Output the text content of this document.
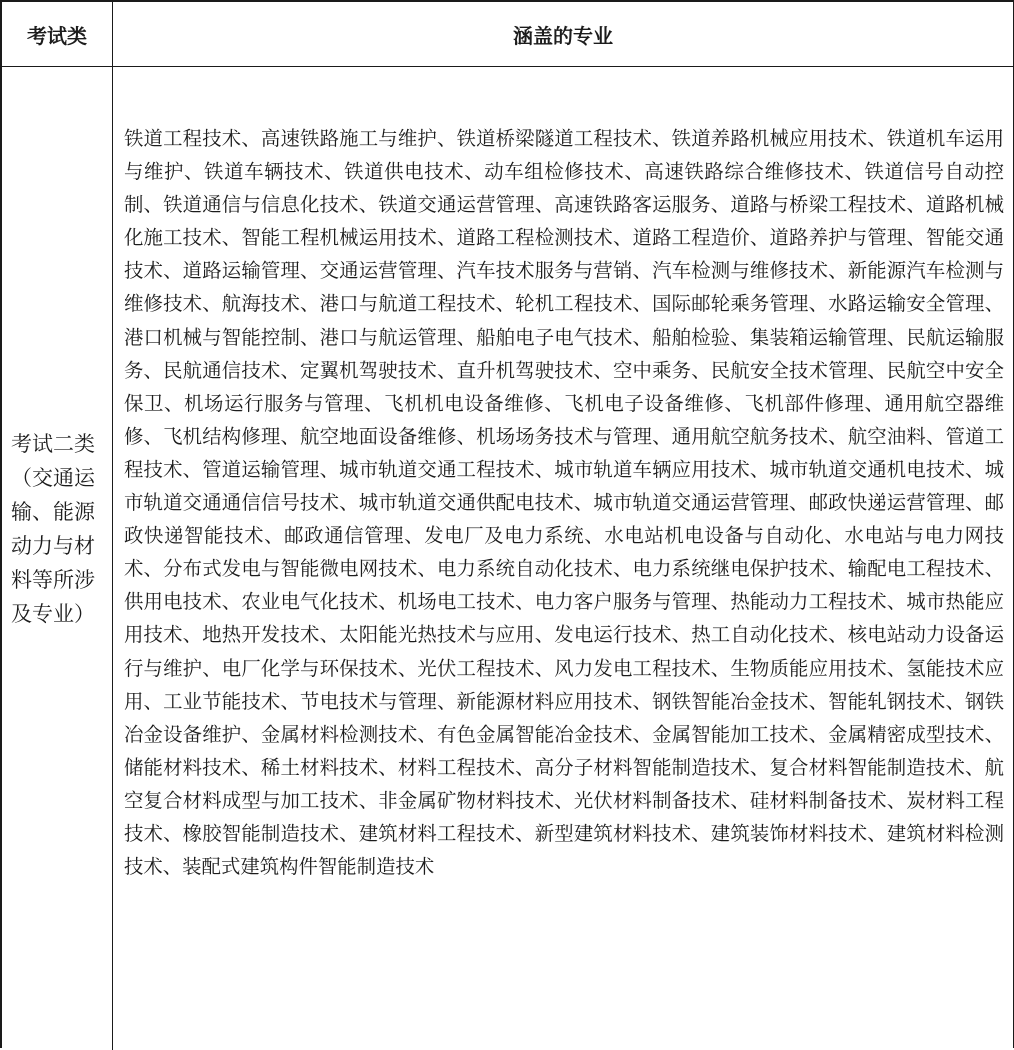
考试类	涵盖的专业
考试二类（交通运输、能源动力与材料等所涉及专业）
铁道工程技术、高速铁路施工与维护、铁道桥梁隧道工程技术、铁道养路机械应用技术、铁道机车运用与维护、铁道车辆技术、铁道供电技术、动车组检修技术、高速铁路综合维修技术、铁道信号自动控制、铁道通信与信息化技术、铁道交通运营管理、高速铁路客运服务、道路与桥梁工程技术、道路机械化施工技术、智能工程机械运用技术、道路工程检测技术、道路工程造价、道路养护与管理、智能交通技术、道路运输管理、交通运营管理、汽车技术服务与营销、汽车检测与维修技术、新能源汽车检测与维修技术、航海技术、港口与航道工程技术、轮机工程技术、国际邮轮乘务管理、水路运输安全管理、港口机械与智能控制、港口与航运管理、船舶电子电气技术、船舶检验、集装箱运输管理、民航运输服务、民航通信技术、定翼机驾驶技术、直升机驾驶技术、空中乘务、民航安全技术管理、民航空中安全保卫、机场运行服务与管理、飞机机电设备维修、飞机电子设备维修、飞机部件修理、通用航空器维修、飞机结构修理、航空地面设备维修、机场场务技术与管理、通用航空航务技术、航空油料、管道工程技术、管道运输管理、城市轨道交通工程技术、城市轨道车辆应用技术、城市轨道交通机电技术、城市轨道交通通信信号技术、城市轨道交通供配电技术、城市轨道交通运营管理、邮政快递运营管理、邮政快递智能技术、邮政通信管理、发电厂及电力系统、水电站机电设备与自动化、水电站与电力网技术、分布式发电与智能微电网技术、电力系统自动化技术、电力系统继电保护技术、输配电工程技术、供用电技术、农业电气化技术、机场电工技术、电力客户服务与管理、热能动力工程技术、城市热能应用技术、地热开发技术、太阳能光热技术与应用、发电运行技术、热工自动化技术、核电站动力设备运行与维护、电厂化学与环保技术、光伏工程技术、风力发电工程技术、生物质能应用技术、氢能技术应用、工业节能技术、节电技术与管理、新能源材料应用技术、钢铁智能冶金技术、智能轧钢技术、钢铁冶金设备维护、金属材料检测技术、有色金属智能冶金技术、金属智能加工技术、金属精密成型技术、储能材料技术、稀土材料技术、材料工程技术、高分子材料智能制造技术、复合材料智能制造技术、航空复合材料成型与加工技术、非金属矿物材料技术、光伏材料制备技术、硅材料制备技术、炭材料工程技术、橡胶智能制造技术、建筑材料工程技术、新型建筑材料技术、建筑装饰材料技术、建筑材料检测技术、装配式建筑构件智能制造技术
